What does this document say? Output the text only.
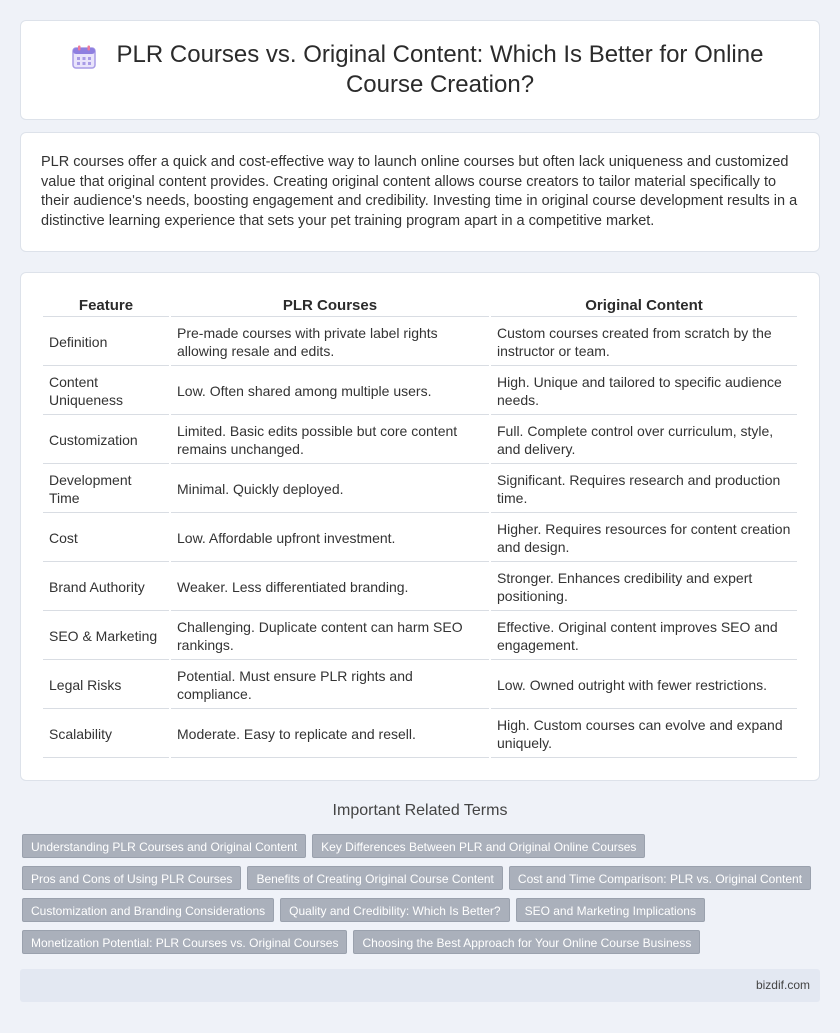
PLR Courses vs. Original Content: Which Is Better for Online Course Creation?

PLR courses offer a quick and cost-effective way to launch online courses but often lack uniqueness and customized value that original content provides. Creating original content allows course creators to tailor material specifically to their audience's needs, boosting engagement and credibility. Investing time in original course development results in a distinctive learning experience that sets your pet training program apart in a competitive market.

Feature	PLR Courses	Original Content
Definition	Pre-made courses with private label rights allowing resale and edits.	Custom courses created from scratch by the instructor or team.
Content Uniqueness	Low. Often shared among multiple users.	High. Unique and tailored to specific audience needs.
Customization	Limited. Basic edits possible but core content remains unchanged.	Full. Complete control over curriculum, style, and delivery.
Development Time	Minimal. Quickly deployed.	Significant. Requires research and production time.
Cost	Low. Affordable upfront investment.	Higher. Requires resources for content creation and design.
Brand Authority	Weaker. Less differentiated branding.	Stronger. Enhances credibility and expert positioning.
SEO & Marketing	Challenging. Duplicate content can harm SEO rankings.	Effective. Original content improves SEO and engagement.
Legal Risks	Potential. Must ensure PLR rights and compliance.	Low. Owned outright with fewer restrictions.
Scalability	Moderate. Easy to replicate and resell.	High. Custom courses can evolve and expand uniquely.
Important Related Terms
Understanding PLR Courses and Original Content	Key Differences Between PLR and Original Online Courses
Pros and Cons of Using PLR Courses	Benefits of Creating Original Course Content	Cost and Time Comparison: PLR vs. Original Content
Customization and Branding Considerations	Quality and Credibility: Which Is Better?	SEO and Marketing Implications
Monetization Potential: PLR Courses vs. Original Courses	Choosing the Best Approach for Your Online Course Business
bizdif.com
